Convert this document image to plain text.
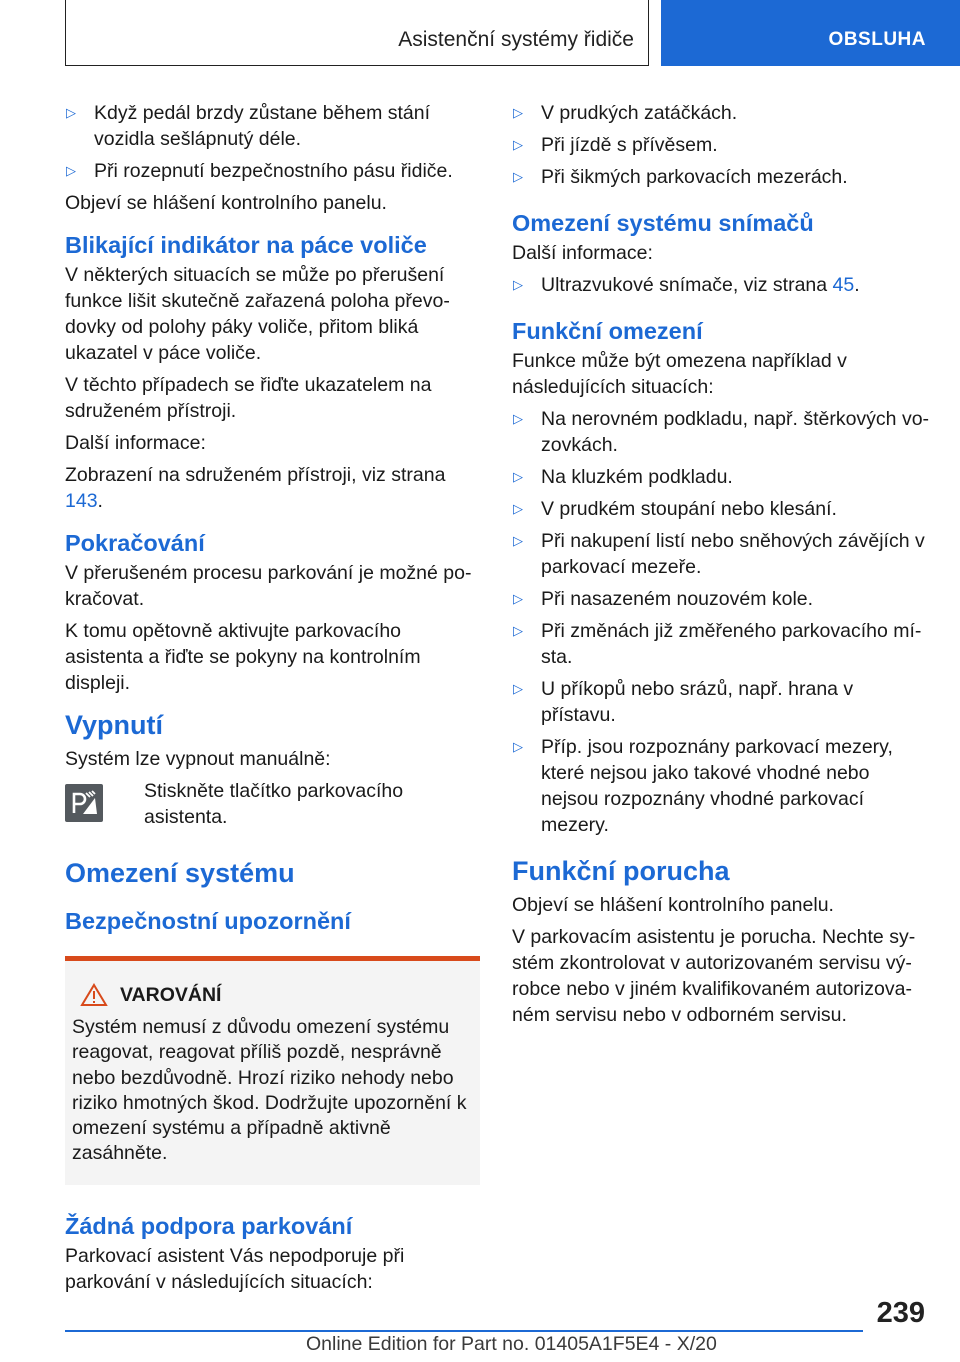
Asistenční systémy řidiče	OBSLUHA
▷ Když pedál brzdy zůstane během stání vozidla sešlápnutý déle.
▷ Při rozepnutí bezpečnostního pásu řidiče.
Objeví se hlášení kontrolního panelu.
Blikající indikátor na páce voliče
V některých situacích se může po přerušení funkce lišit skutečně zařazená poloha převodovky od polohy páky voliče, přitom bliká ukazatel v páce voliče.
V těchto případech se řiďte ukazatelem na sdruženém přístroji.
Další informace:
Zobrazení na sdruženém přístroji, viz strana 143.
Pokračování
V přerušeném procesu parkování je možné pokračovat.
K tomu opětovně aktivujte parkovacího asistenta a řiďte se pokyny na kontrolním displeji.
Vypnutí
Systém lze vypnout manuálně:
Stiskněte tlačítko parkovacího asistenta.
Omezení systému
Bezpečnostní upozornění
VAROVÁNÍ
Systém nemusí z důvodu omezení systému reagovat, reagovat příliš pozdě, nesprávně nebo bezdůvodně. Hrozí riziko nehody nebo riziko hmotných škod. Dodržujte upozornění k omezení systému a případně aktivně zasáhněte.
Žádná podpora parkování
Parkovací asistent Vás nepodporuje při parkování v následujících situacích:
▷ V prudkých zatáčkách.
▷ Při jízdě s přívěsem.
▷ Při šikmých parkovacích mezerách.
Omezení systému snímačů
Další informace:
▷ Ultrazvukové snímače, viz strana 45.
Funkční omezení
Funkce může být omezena například v následujících situacích:
▷ Na nerovném podkladu, např. štěrkových vozovkách.
▷ Na kluzkém podkladu.
▷ V prudkém stoupání nebo klesání.
▷ Při nakupení listí nebo sněhových závějích v parkovací mezeře.
▷ Při nasazeném nouzovém kole.
▷ Při změnách již změřeného parkovacího místa.
▷ U příkopů nebo srázů, např. hrana v přístavu.
▷ Příp. jsou rozpoznány parkovací mezery, které nejsou jako takové vhodné nebo nejsou rozpoznány vhodné parkovací mezery.
Funkční porucha
Objeví se hlášení kontrolního panelu.
V parkovacím asistentu je porucha. Nechte systém zkontrolovat v autorizovaném servisu výrobce nebo v jiném kvalifikovaném autorizovaném servisu nebo v odborném servisu.
239
Online Edition for Part no. 01405A1F5E4 - X/20
